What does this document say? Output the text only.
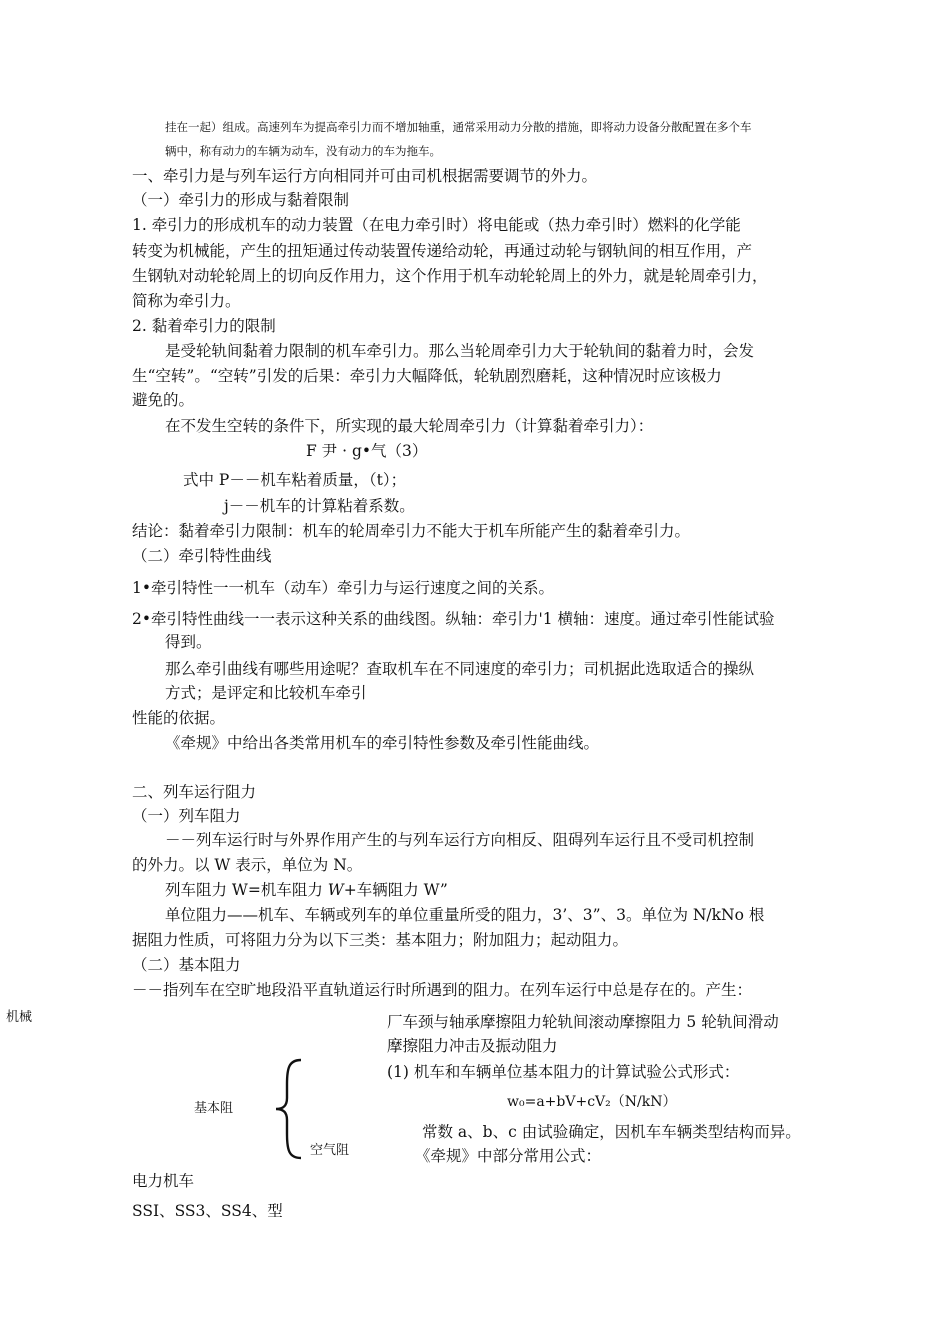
挂在一起）组成。高速列车为提高牵引力而不增加轴重，通常采用动力分散的措施，即将动力设备分散配置在多个车
辆中，称有动力的车辆为动车，没有动力的车为拖车。
一、牵引力是与列车运行方向相同并可由司机根据需要调节的外力。
（一）牵引力的形成与黏着限制
1. 牵引力的形成机车的动力装置（在电力牵引时）将电能或（热力牵引时）燃料的化学能
转变为机械能，产生的扭矩通过传动装置传递给动轮，再通过动轮与钢轨间的相互作用，产
生钢轨对动轮轮周上的切向反作用力，这个作用于机车动轮轮周上的外力，就是轮周牵引力，
简称为牵引力。
2. 黏着牵引力的限制
是受轮轨间黏着力限制的机车牵引力。那么当轮周牵引力大于轮轨间的黏着力时，会发
生“空转”。“空转”引发的后果：牵引力大幅降低，轮轨剧烈磨耗，这种情况时应该极力
避免的。
在不发生空转的条件下，所实现的最大轮周牵引力（计算黏着牵引力）：
F 尹 · g•气（3）
式中 P－－机车粘着质量，（t）；
j－－机车的计算粘着系数。
结论：黏着牵引力限制：机车的轮周牵引力不能大于机车所能产生的黏着牵引力。
（二）牵引特性曲线
1•牵引特性一一机车（动车）牵引力与运行速度之间的关系。
2•牵引特性曲线一一表示这种关系的曲线图。纵轴：牵引力'1 横轴：速度。通过牵引性能试验
得到。
那么牵引曲线有哪些用途呢？查取机车在不同速度的牵引力；司机据此选取适合的操纵
方式；是评定和比较机车牵引
性能的依据。
《牵规》中给出各类常用机车的牵引特性参数及牵引性能曲线。
二、列车运行阻力
（一）列车阻力
－－列车运行时与外界作用产生的与列车运行方向相反、阻碍列车运行且不受司机控制
的外力。以 W 表示，单位为 N。
列车阻力 W=机车阻力 𝑊+车辆阻力 W”
单位阻力——机车、车辆或列车的单位重量所受的阻力，3’、3”、3。单位为 N/kNo 根
据阻力性质，可将阻力分为以下三类：基本阻力；附加阻力；起动阻力。
（二）基本阻力
－－指列车在空旷地段沿平直轨道运行时所遇到的阻力。在列车运行中总是存在的。产生：
机械	厂车颈与轴承摩擦阻力轮轨间滚动摩擦阻力 5 轮轨间滑动
摩擦阻力冲击及振动阻力
基本阻
空气阻
(1) 机车和车辆单位基本阻力的计算试验公式形式：
w₀=a+bV+cV₂（N/kN）
常数 a、b、c 由试验确定，因机车车辆类型结构而异。
《牵规》中部分常用公式：
电力机车
SSI、SS3、SS4、型
